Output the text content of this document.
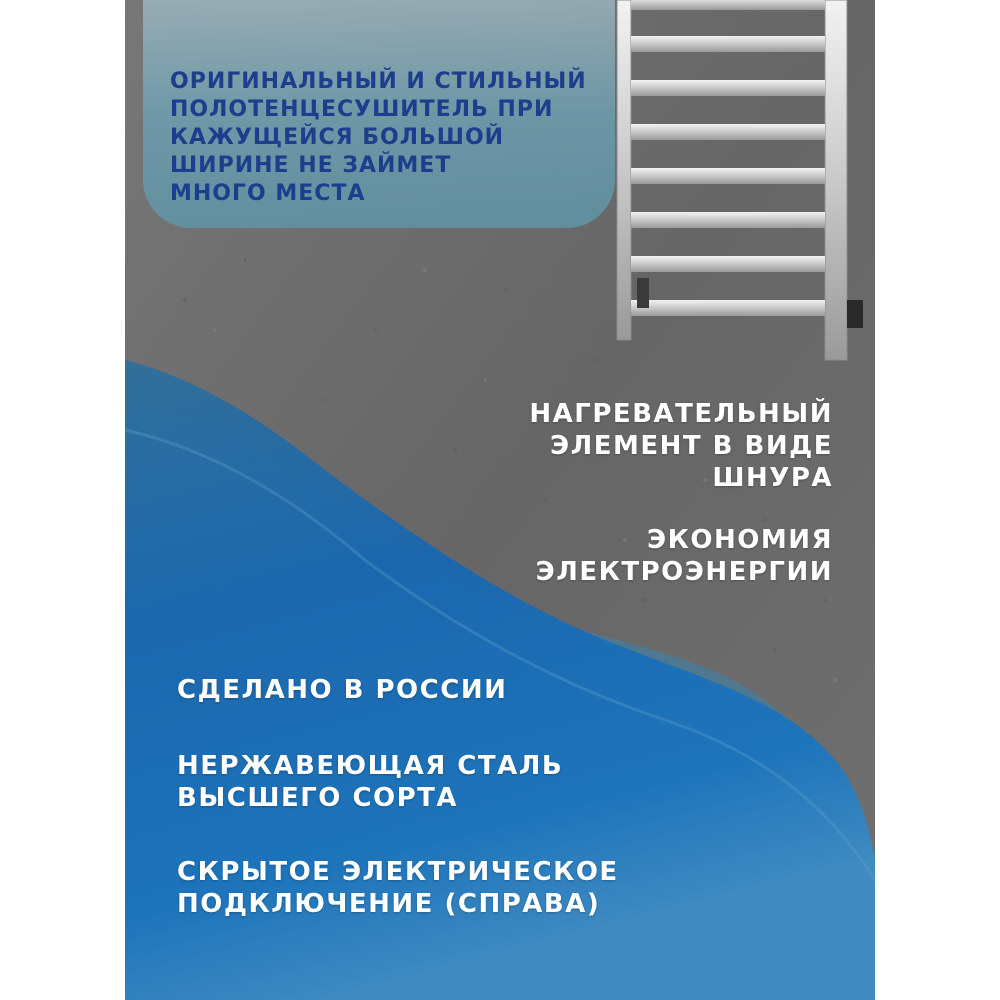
ОРИГИНАЛЬНЫЙ И СТИЛЬНЫЙ
ПОЛОТЕНЦЕСУШИТЕЛЬ ПРИ
КАЖУЩЕЙСЯ БОЛЬШОЙ
ШИРИНЕ НЕ ЗАЙМЕТ
МНОГО МЕСТА

НАГРЕВАТЕЛЬНЫЙ
ЭЛЕМЕНТ В ВИДЕ
ШНУРА

ЭКОНОМИЯ
ЭЛЕКТРОЭНЕРГИИ

СДЕЛАНО В РОССИИ

НЕРЖАВЕЮЩАЯ СТАЛЬ
ВЫСШЕГО СОРТА

СКРЫТОЕ ЭЛЕКТРИЧЕСКОЕ
ПОДКЛЮЧЕНИЕ (СПРАВА)
